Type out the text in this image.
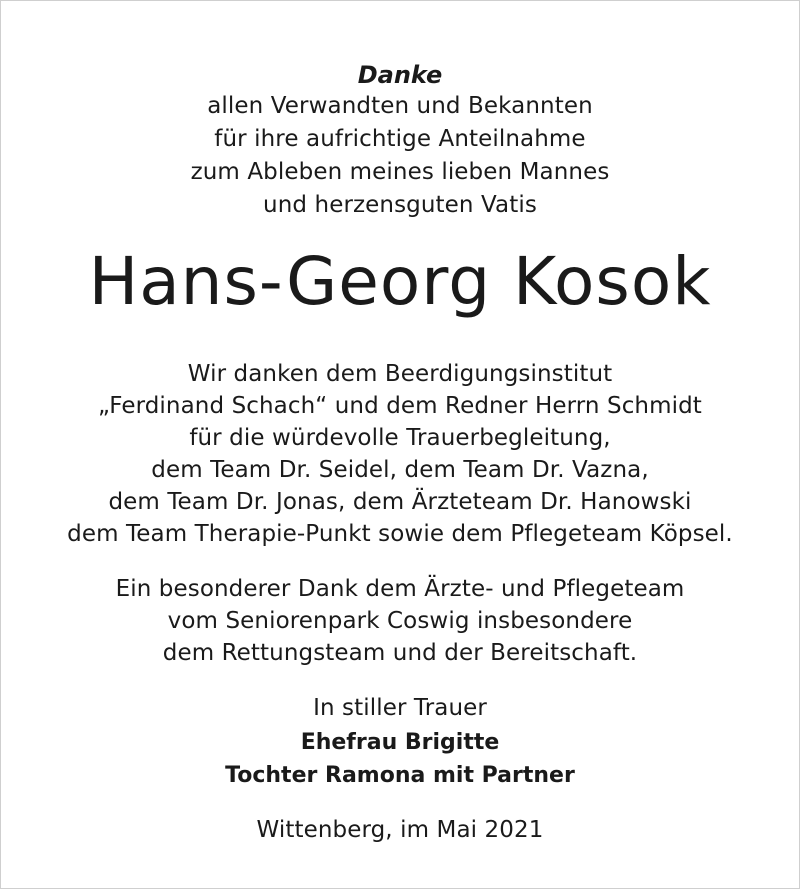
Danke
allen Verwandten und Bekannten
für ihre aufrichtige Anteilnahme
zum Ableben meines lieben Mannes
und herzensguten Vatis
Hans-Georg Kosok
Wir danken dem Beerdigungsinstitut
„Ferdinand Schach“ und dem Redner Herrn Schmidt
für die würdevolle Trauerbegleitung,
dem Team Dr. Seidel, dem Team Dr. Vazna,
dem Team Dr. Jonas, dem Ärzteteam Dr. Hanowski
dem Team Therapie-Punkt sowie dem Pflegeteam Köpsel.
Ein besonderer Dank dem Ärzte- und Pflegeteam
vom Seniorenpark Coswig insbesondere
dem Rettungsteam und der Bereitschaft.
In stiller Trauer
Ehefrau Brigitte
Tochter Ramona mit Partner
Wittenberg, im Mai 2021
